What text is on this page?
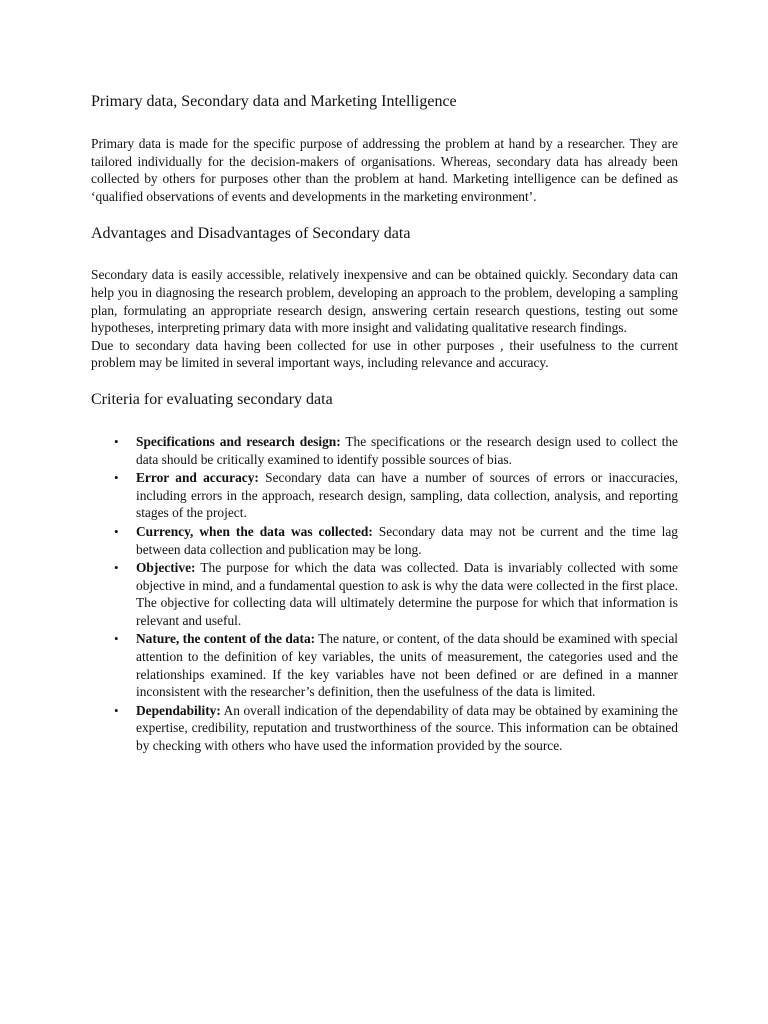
Primary data, Secondary data and Marketing Intelligence

Primary data is made for the specific purpose of addressing the problem at hand by a researcher. They are tailored individually for the decision-makers of organisations. Whereas, secondary data has already been collected by others for purposes other than the problem at hand. Marketing intelligence can be defined as ‘qualified observations of events and developments in the marketing environment’.

Advantages and Disadvantages of Secondary data

Secondary data is easily accessible, relatively inexpensive and can be obtained quickly. Secondary data can help you in diagnosing the research problem, developing an approach to the problem, developing a sampling plan, formulating an appropriate research design, answering certain research questions, testing out some hypotheses, interpreting primary data with more insight and validating qualitative research findings.

Due to secondary data having been collected for use in other purposes , their usefulness to the current problem may be limited in several important ways, including relevance and accuracy.

Criteria for evaluating secondary data
• Specifications and research design: The specifications or the research design used to collect the data should be critically examined to identify possible sources of bias.
• Error and accuracy: Secondary data can have a number of sources of errors or inaccuracies, including errors in the approach, research design, sampling, data collection, analysis, and reporting stages of the project.
• Currency, when the data was collected: Secondary data may not be current and the time lag between data collection and publication may be long.
• Objective: The purpose for which the data was collected. Data is invariably collected with some objective in mind, and a fundamental question to ask is why the data were collected in the first place. The objective for collecting data will ultimately determine the purpose for which that information is relevant and useful.
• Nature, the content of the data: The nature, or content, of the data should be examined with special attention to the definition of key variables, the units of measurement, the categories used and the relationships examined. If the key variables have not been defined or are defined in a manner inconsistent with the researcher’s definition, then the usefulness of the data is limited.
• Dependability: An overall indication of the dependability of data may be obtained by examining the expertise, credibility, reputation and trustworthiness of the source. This information can be obtained by checking with others who have used the information provided by the source.
